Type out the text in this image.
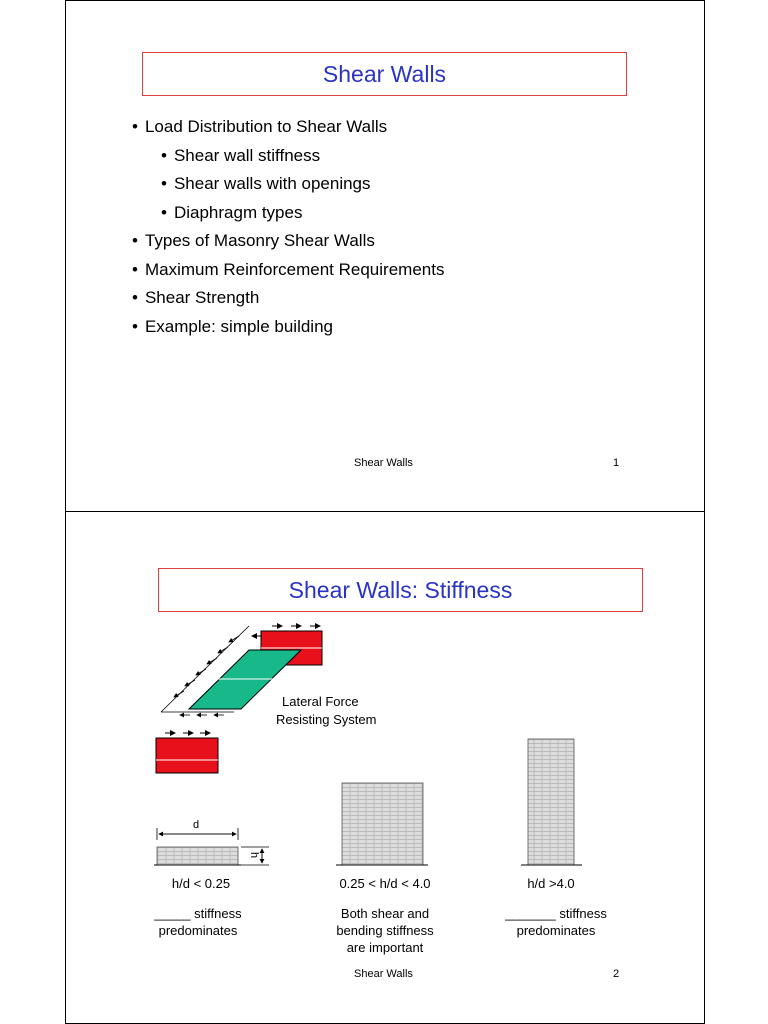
Shear Walls
• Load Distribution to Shear Walls
• Shear wall stiffness
• Shear walls with openings
• Diaphragm types
• Types of Masonry Shear Walls
• Maximum Reinforcement Requirements
• Shear Strength
• Example: simple building
Shear Walls	1
Shear Walls: Stiffness
Lateral Force
Resisting System
d
h
h/d < 0.25	0.25 < h/d < 4.0	h/d >4.0
_____ stiffness
predominates
Both shear and
bending stiffness
are important
_______ stiffness
predominates
Shear Walls	2
